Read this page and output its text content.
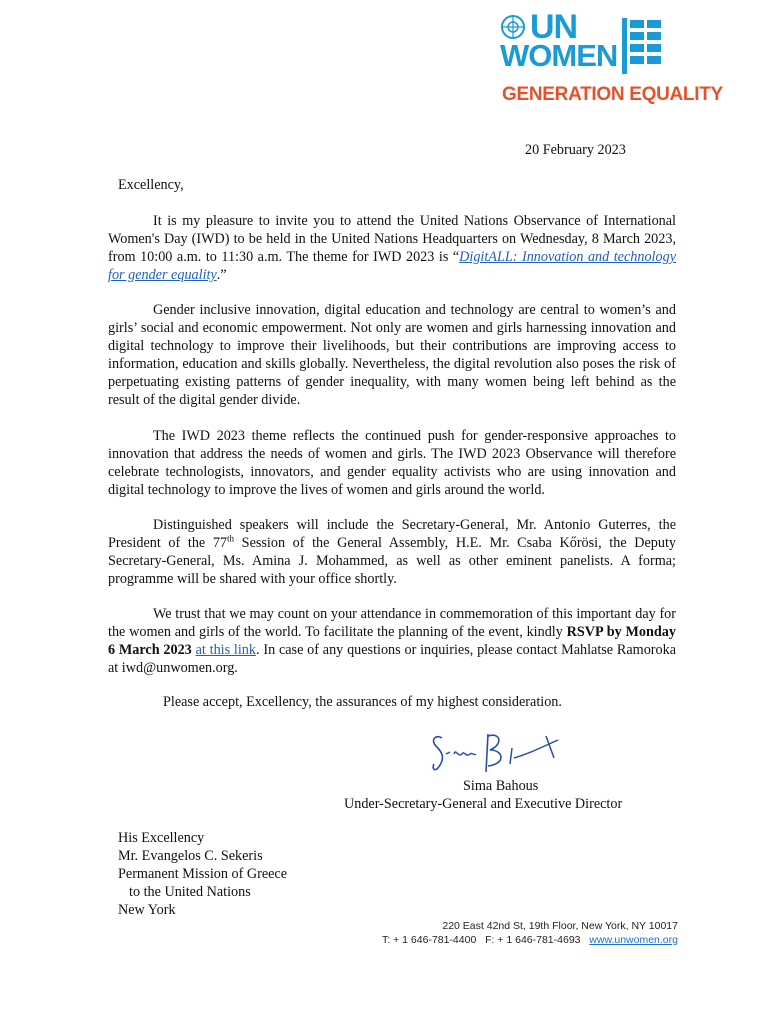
UN
WOMEN
GENERATION EQUALITY
20 February 2023
Excellency,

It is my pleasure to invite you to attend the United Nations Observance of International Women's Day (IWD) to be held in the United Nations Headquarters on Wednesday, 8 March 2023, from 10:00 a.m. to 11:30 a.m. The theme for IWD 2023 is “DigitALL: Innovation and technology for gender equality.”

Gender inclusive innovation, digital education and technology are central to women’s and girls’ social and economic empowerment. Not only are women and girls harnessing innovation and digital technology to improve their livelihoods, but their contributions are improving access to information, education and skills globally. Nevertheless, the digital revolution also poses the risk of perpetuating existing patterns of gender inequality, with many women being left behind as the result of the digital gender divide.

The IWD 2023 theme reflects the continued push for gender-responsive approaches to innovation that address the needs of women and girls. The IWD 2023 Observance will therefore celebrate technologists, innovators, and gender equality activists who are using innovation and digital technology to improve the lives of women and girls around the world.

Distinguished speakers will include the Secretary-General, Mr. Antonio Guterres, the President of the 77th Session of the General Assembly, H.E. Mr. Csaba Kőrösi, the Deputy Secretary-General, Ms. Amina J. Mohammed, as well as other eminent panelists. A forma; programme will be shared with your office shortly.

We trust that we may count on your attendance in commemoration of this important day for the women and girls of the world. To facilitate the planning of the event, kindly RSVP by Monday 6 March 2023 at this link. In case of any questions or inquiries, please contact Mahlatse Ramoroka at iwd@unwomen.org.

Please accept, Excellency, the assurances of my highest consideration.
Sima Bahous
Under-Secretary-General and Executive Director

His Excellency

Mr. Evangelos C. Sekeris

Permanent Mission of Greece

to the United Nations

New York

220 East 42nd St, 19th Floor, New York, NY 10017
T: + 1 646-781-4400 F: + 1 646-781-4693 www.unwomen.org
